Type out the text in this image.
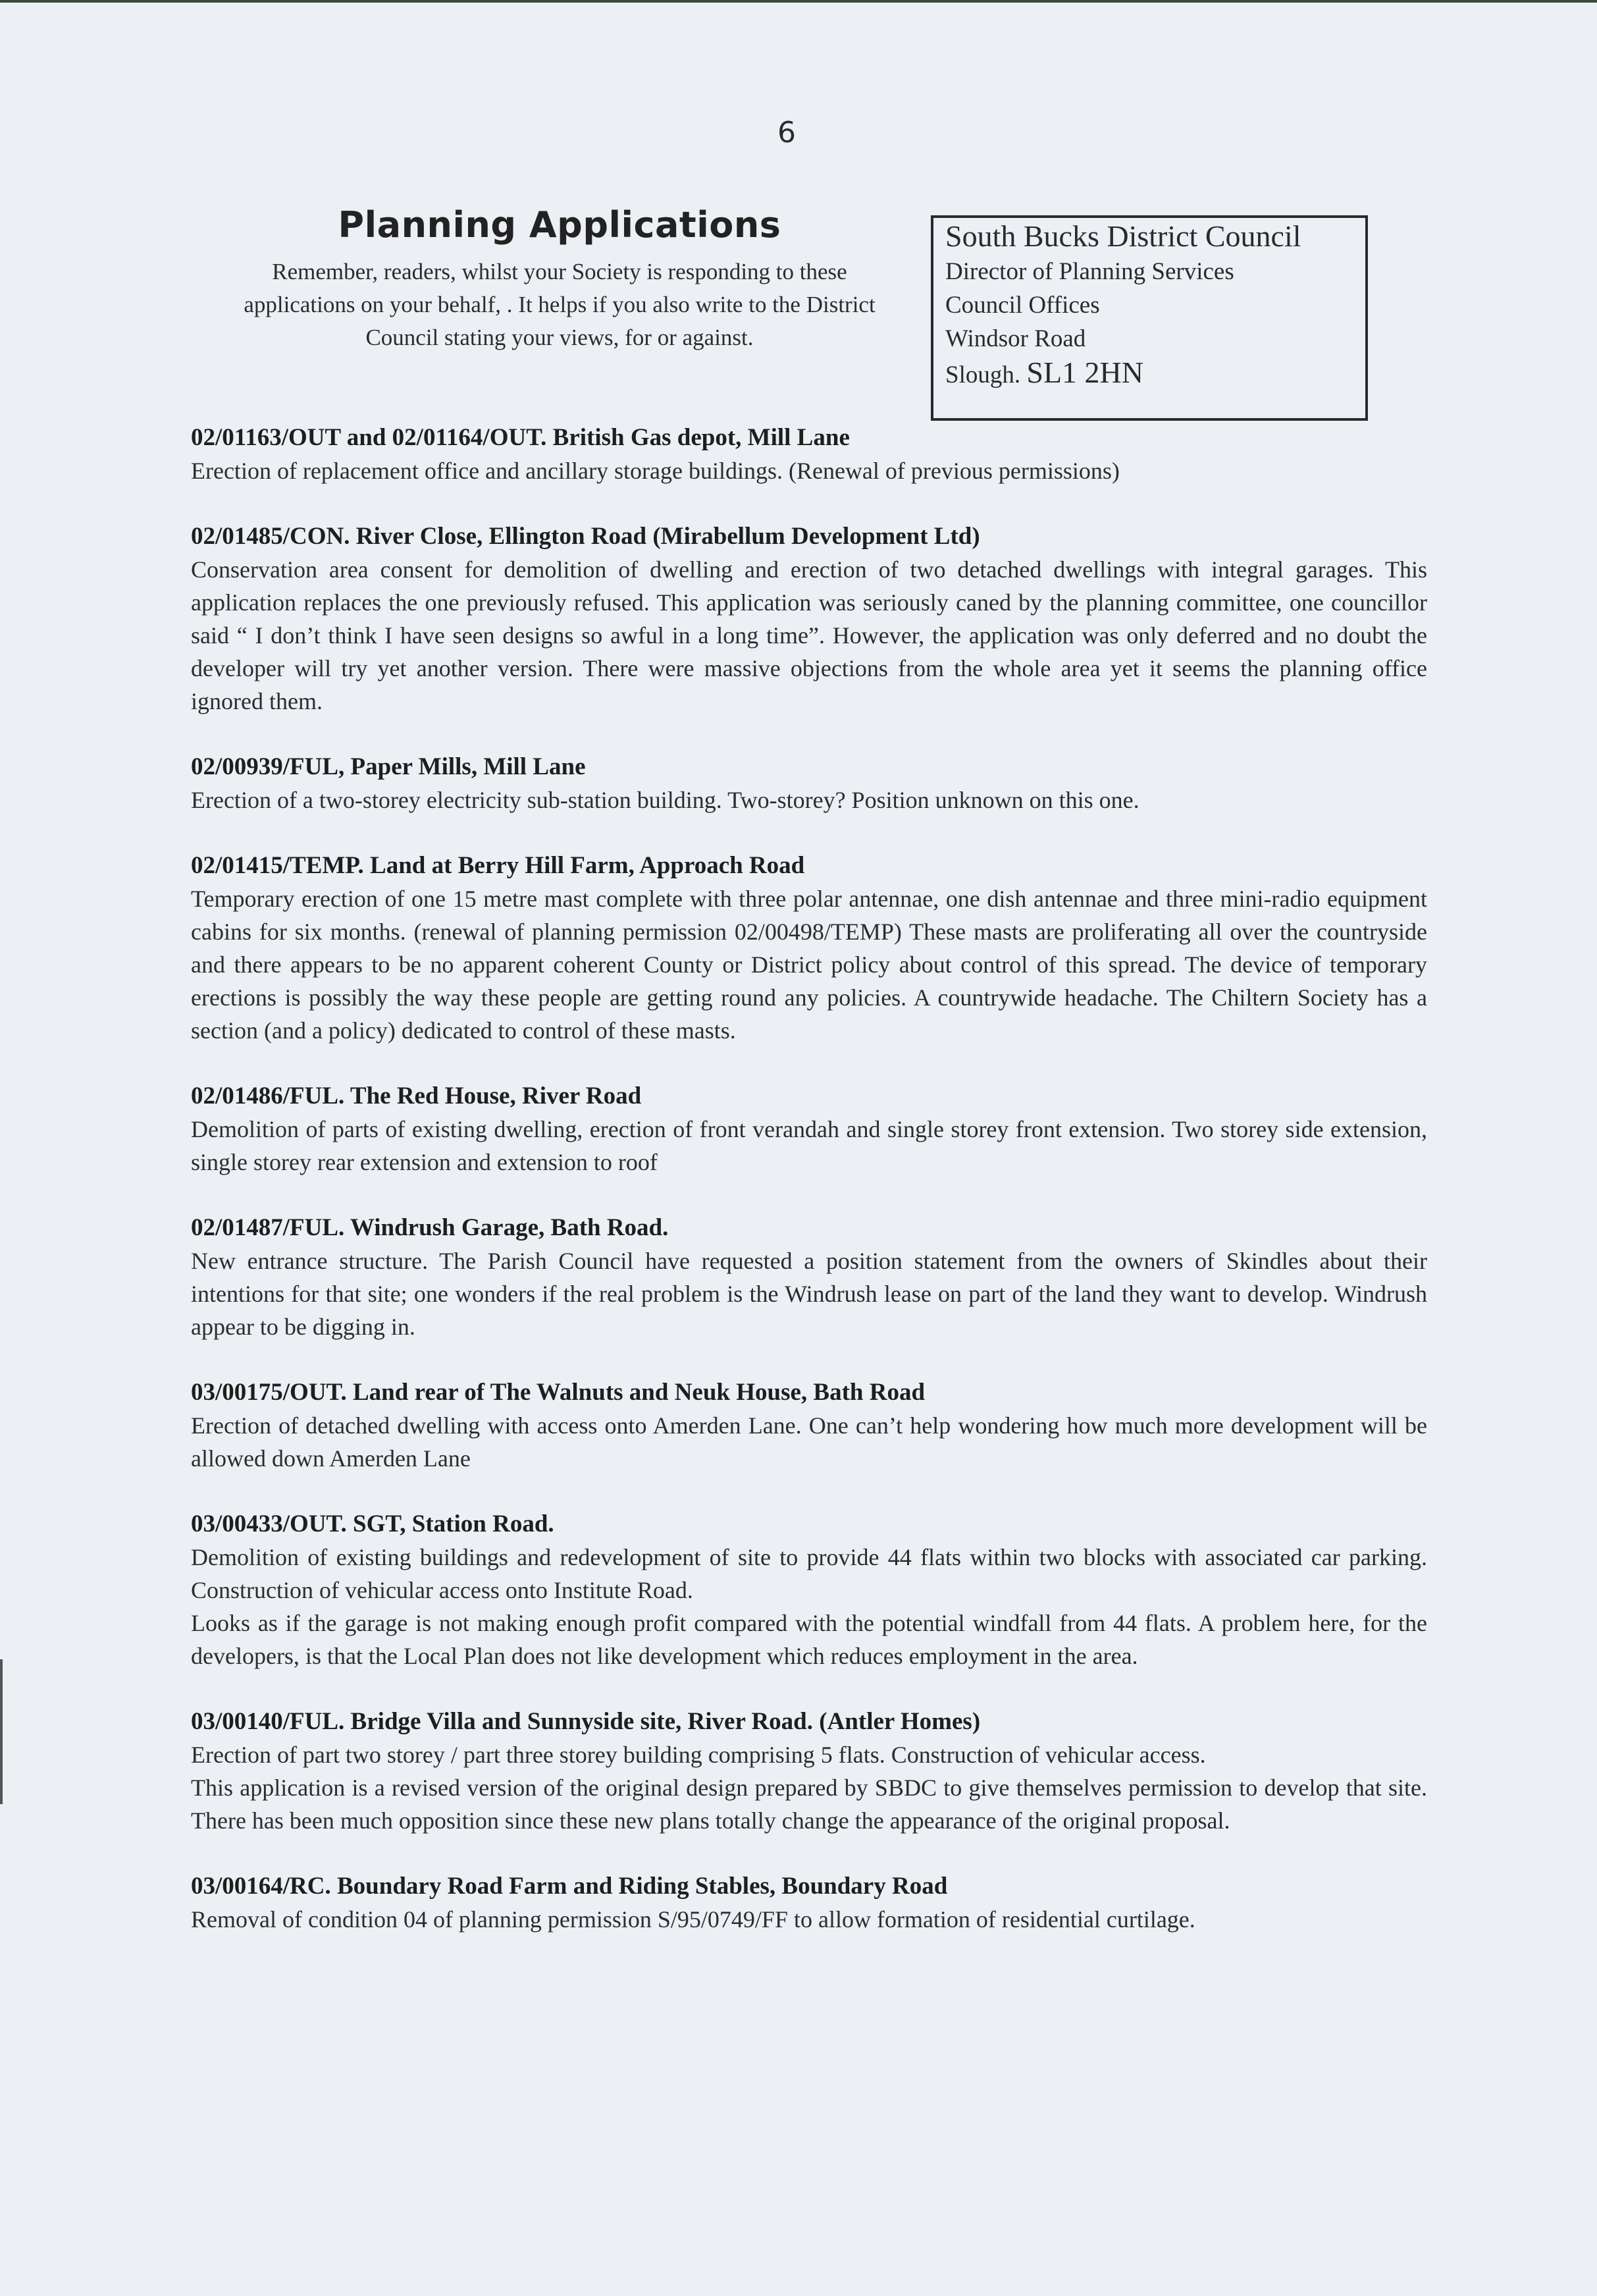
6
Planning Applications
Remember, readers, whilst your Society is responding to these
applications on your behalf, . It helps if you also write to the District
Council stating your views, for or against.
South Bucks District Council
Director of Planning Services
Council Offices
Windsor Road
Slough. SL1 2HN
02/01163/OUT and 02/01164/OUT. British Gas depot, Mill Lane
Erection of replacement office and ancillary storage buildings. (Renewal of previous permissions)
02/01485/CON. River Close, Ellington Road (Mirabellum Development Ltd)
Conservation area consent for demolition of dwelling and erection of two detached dwellings with integral garages. This application replaces the one previously refused. This application was seriously caned by the planning committee, one councillor said “ I don’t think I have seen designs so awful in a long time”. However, the application was only deferred and no doubt the developer will try yet another version. There were massive objections from the whole area yet it seems the planning office ignored them.
02/00939/FUL, Paper Mills, Mill Lane
Erection of a two-storey electricity sub-station building. Two-storey? Position unknown on this one.
02/01415/TEMP. Land at Berry Hill Farm, Approach Road
Temporary erection of one 15 metre mast complete with three polar antennae, one dish antennae and three mini-radio equipment cabins for six months. (renewal of planning permission 02/00498/TEMP) These masts are proliferating all over the countryside and there appears to be no apparent coherent County or District policy about control of this spread. The device of temporary erections is possibly the way these people are getting round any policies. A countrywide headache. The Chiltern Society has a section (and a policy) dedicated to control of these masts.
02/01486/FUL. The Red House, River Road
Demolition of parts of existing dwelling, erection of front verandah and single storey front extension. Two storey side extension, single storey rear extension and extension to roof
02/01487/FUL. Windrush Garage, Bath Road.
New entrance structure. The Parish Council have requested a position statement from the owners of Skindles about their intentions for that site; one wonders if the real problem is the Windrush lease on part of the land they want to develop. Windrush appear to be digging in.
03/00175/OUT. Land rear of The Walnuts and Neuk House, Bath Road
Erection of detached dwelling with access onto Amerden Lane. One can’t help wondering how much more development will be allowed down Amerden Lane
03/00433/OUT. SGT, Station Road.
Demolition of existing buildings and redevelopment of site to provide 44 flats within two blocks with associated car parking. Construction of vehicular access onto Institute Road.
Looks as if the garage is not making enough profit compared with the potential windfall from 44 flats. A problem here, for the developers, is that the Local Plan does not like development which reduces employment in the area.
03/00140/FUL. Bridge Villa and Sunnyside site, River Road. (Antler Homes)
Erection of part two storey / part three storey building comprising 5 flats. Construction of vehicular access.
This application is a revised version of the original design prepared by SBDC to give themselves permission to develop that site. There has been much opposition since these new plans totally change the appearance of the original proposal.
03/00164/RC. Boundary Road Farm and Riding Stables, Boundary Road
Removal of condition 04 of planning permission S/95/0749/FF to allow formation of residential curtilage.
